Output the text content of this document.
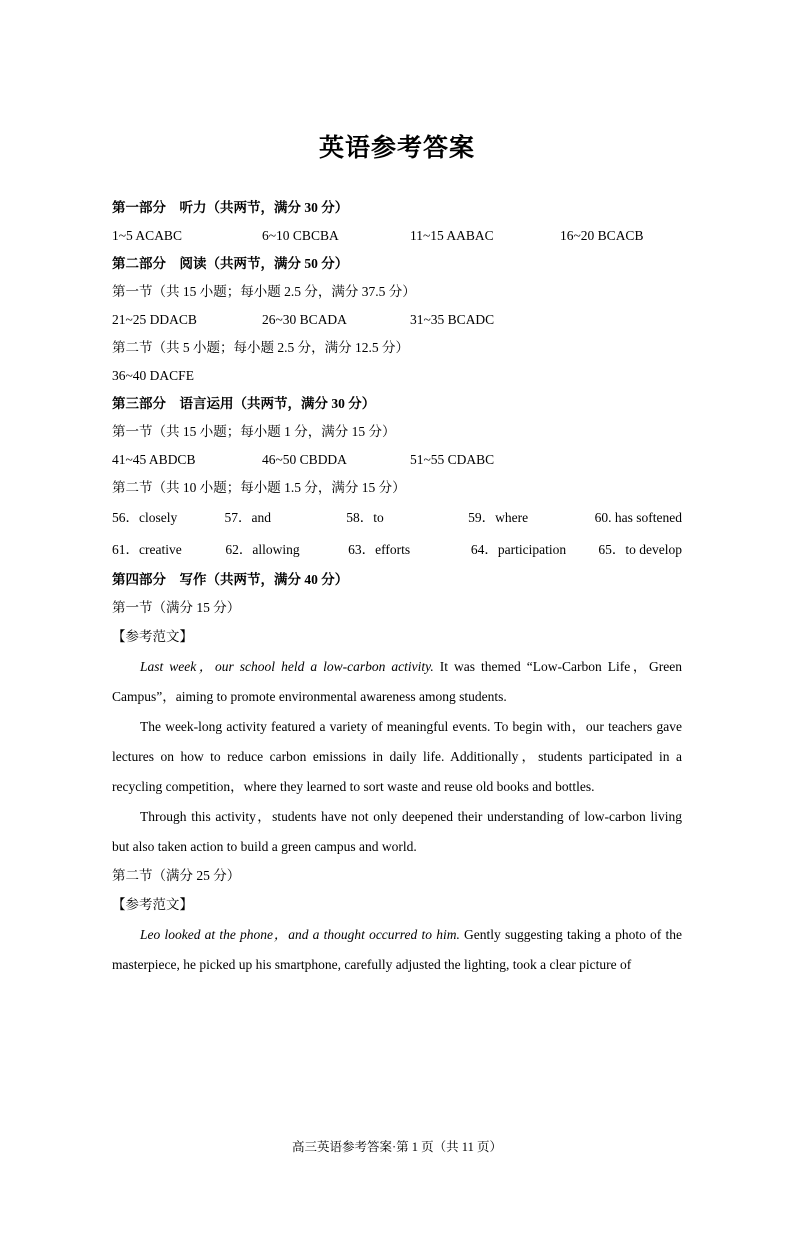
英语参考答案
第一部分　听力（共两节，满分 30 分）
1~5 ACABC	6~10 CBCBA	11~15 AABAC	16~20 BCACB
第二部分　阅读（共两节，满分 50 分）
第一节（共 15 小题；每小题 2.5 分，满分 37.5 分）
21~25 DDACB	26~30 BCADA	31~35 BCADC
第二节（共 5 小题；每小题 2.5 分，满分 12.5 分）
36~40 DACFE
第三部分　语言运用（共两节，满分 30 分）
第一节（共 15 小题；每小题 1 分，满分 15 分）
41~45 ABDCB	46~50 CBDDA	51~55 CDABC
第二节（共 10 小题；每小题 1.5 分，满分 15 分）
56．closely	57．and	58．to	59．where	60. has softened
61．creative	62．allowing	63．efforts	64．participation	65．to develop
第四部分　写作（共两节，满分 40 分）
第一节（满分 15 分）
【参考范文】

Last week，our school held a low-carbon activity. It was themed “Low-Carbon Life，Green Campus”，aiming to promote environmental awareness among students.

The week-long activity featured a variety of meaningful events. To begin with，our teachers gave lectures on how to reduce carbon emissions in daily life. Additionally，students participated in a recycling competition，where they learned to sort waste and reuse old books and bottles.

Through this activity，students have not only deepened their understanding of low-carbon living but also taken action to build a green campus and world.

第二节（满分 25 分）
【参考范文】

Leo looked at the phone，and a thought occurred to him. Gently suggesting taking a photo of the masterpiece, he picked up his smartphone, carefully adjusted the lighting, took a clear picture of

高三英语参考答案·第 1 页（共 11 页）
